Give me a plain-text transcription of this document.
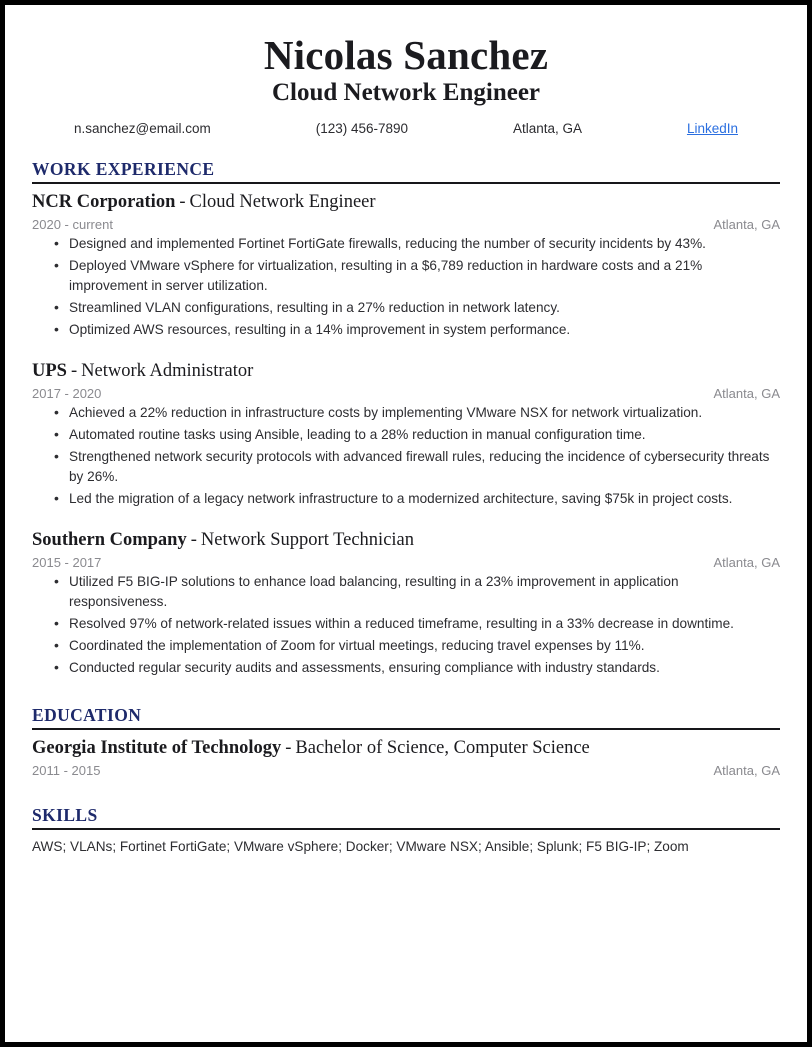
Nicolas Sanchez
Cloud Network Engineer
n.sanchez@email.com	(123) 456-7890	Atlanta, GA	LinkedIn
WORK EXPERIENCE
NCR Corporation - Cloud Network Engineer
2020 - current	Atlanta, GA
• Designed and implemented Fortinet FortiGate firewalls, reducing the number of security incidents by 43%.
• Deployed VMware vSphere for virtualization, resulting in a $6,789 reduction in hardware costs and a 21% improvement in server utilization.
• Streamlined VLAN configurations, resulting in a 27% reduction in network latency.
• Optimized AWS resources, resulting in a 14% improvement in system performance.
UPS - Network Administrator
2017 - 2020	Atlanta, GA
• Achieved a 22% reduction in infrastructure costs by implementing VMware NSX for network virtualization.
• Automated routine tasks using Ansible, leading to a 28% reduction in manual configuration time.
• Strengthened network security protocols with advanced firewall rules, reducing the incidence of cybersecurity threats by 26%.
• Led the migration of a legacy network infrastructure to a modernized architecture, saving $75k in project costs.
Southern Company - Network Support Technician
2015 - 2017	Atlanta, GA
• Utilized F5 BIG-IP solutions to enhance load balancing, resulting in a 23% improvement in application responsiveness.
• Resolved 97% of network-related issues within a reduced timeframe, resulting in a 33% decrease in downtime.
• Coordinated the implementation of Zoom for virtual meetings, reducing travel expenses by 11%.
• Conducted regular security audits and assessments, ensuring compliance with industry standards.
EDUCATION
Georgia Institute of Technology - Bachelor of Science, Computer Science
2011 - 2015	Atlanta, GA
SKILLS
AWS; VLANs; Fortinet FortiGate; VMware vSphere; Docker; VMware NSX; Ansible; Splunk; F5 BIG-IP; Zoom
